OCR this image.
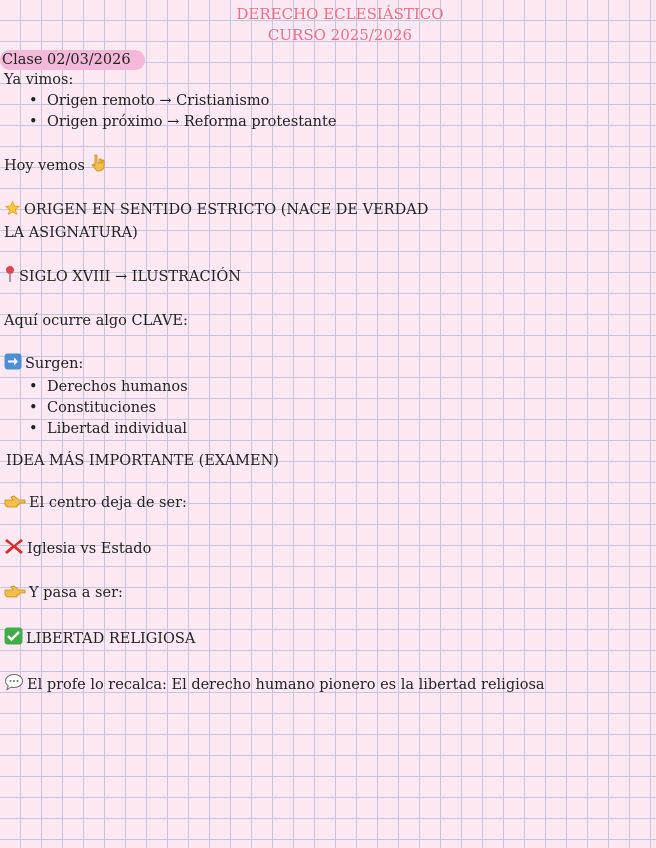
DERECHO ECLESIÁSTICO
CURSO 2025/2026
Clase 02/03/2026
Ya vimos:
• Origen remoto → Cristianismo
• Origen próximo → Reforma protestante
Hoy vemos
ORIGEN EN SENTIDO ESTRICTO (NACE DE VERDAD LA ASIGNATURA)
SIGLO XVIII → ILUSTRACIÓN
Aquí ocurre algo CLAVE:
Surgen:
• Derechos humanos
• Constituciones
• Libertad individual
IDEA MÁS IMPORTANTE (EXAMEN)
El centro deja de ser:
Iglesia vs Estado
Y pasa a ser:
LIBERTAD RELIGIOSA
El profe lo recalca: El derecho humano pionero es la libertad religiosa
